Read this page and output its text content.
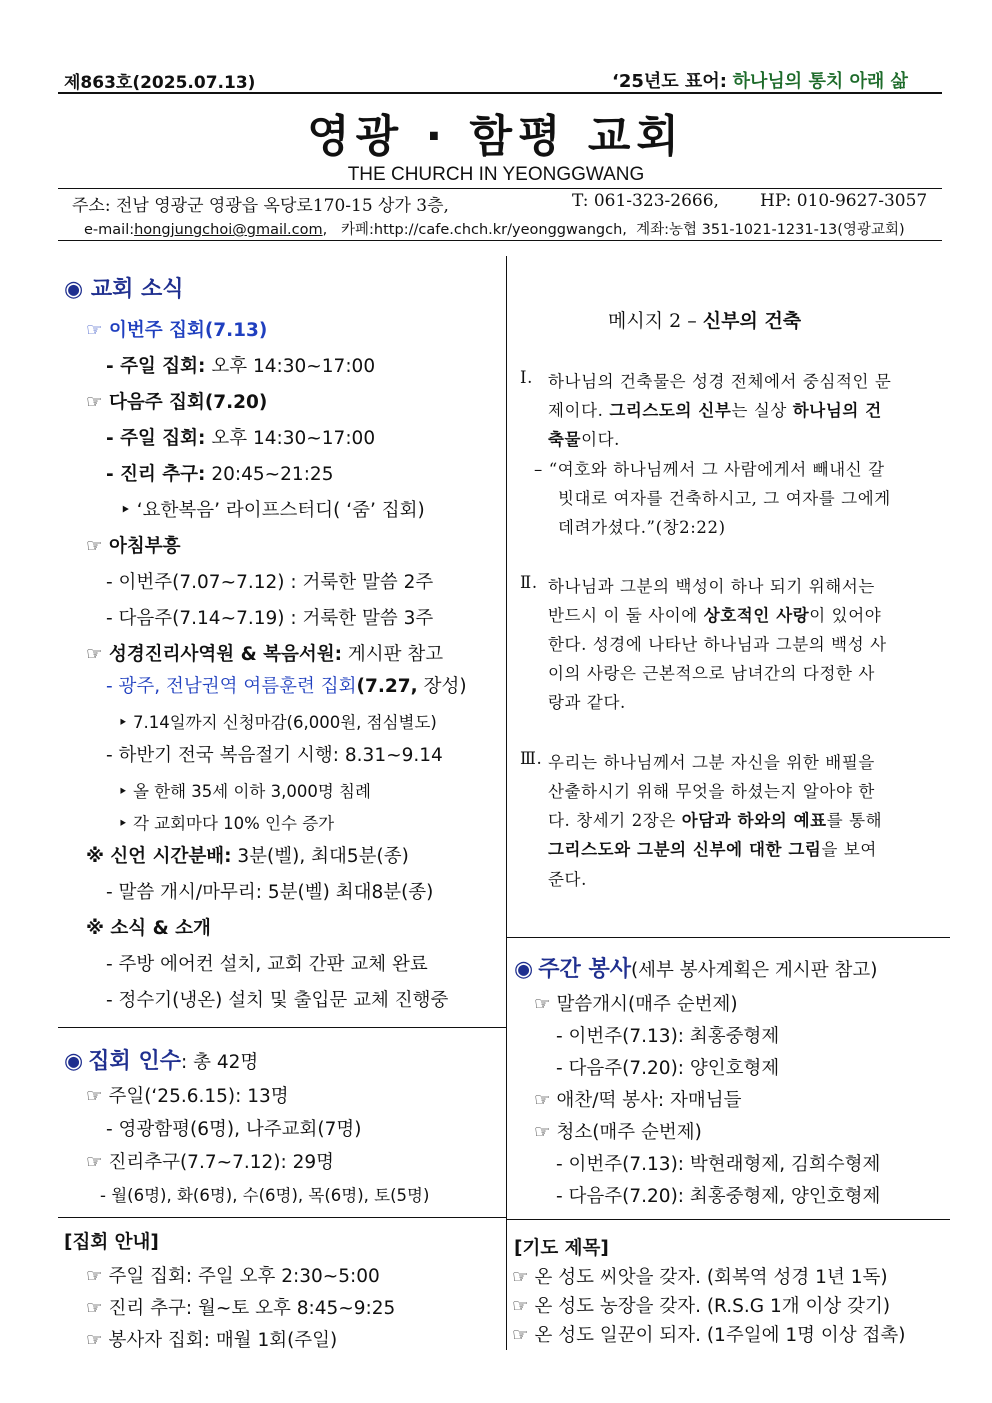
제863호(2025.07.13)	‘25년도 표어: 하나님의 통치 아래 삶
영광 · 함평 교회
THE CHURCH IN YEONGGWANG
주소: 전남 영광군 영광읍 옥당로170-15 상가 3층,	T: 061-323-2666, HP: 010-9627-3057
e-mail:hongjungchoi@gmail.com,   카페:http://cafe.chch.kr/yeonggwangch, 계좌:농협 351-1021-1231-13(영광교회)
◉ 교회 소식
☞ 이번주 집회(7.13)
- 주일 집회: 오후 14:30~17:00
☞ 다음주 집회(7.20)
- 주일 집회: 오후 14:30~17:00
- 진리 추구: 20:45~21:25
‣ ‘요한복음’ 라이프스터디( ‘줌’ 집회)
☞ 아침부흥
- 이번주(7.07~7.12) : 거룩한 말씀 2주
- 다음주(7.14~7.19) : 거룩한 말씀 3주
☞ 성경진리사역원 & 복음서원: 게시판 참고
- 광주, 전남권역 여름훈련 집회(7.27, 장성)
‣ 7.14일까지 신청마감(6,000원, 점심별도)
- 하반기 전국 복음절기 시행: 8.31~9.14
‣ 올 한해 35세 이하 3,000명 침례
‣ 각 교회마다 10% 인수 증가
※ 신언 시간분배: 3분(벨), 최대5분(종)
- 말씀 개시/마무리: 5분(벨) 최대8분(종)
※ 소식 & 소개
- 주방 에어컨 설치, 교회 간판 교체 완료
- 정수기(냉온) 설치 및 출입문 교체 진행중
◉ 집회 인수: 총 42명
☞ 주일(‘25.6.15): 13명
- 영광함평(6명), 나주교회(7명)
☞ 진리추구(7.7~7.12): 29명
- 월(6명), 화(6명), 수(6명), 목(6명), 토(5명)
[집회 안내]
☞ 주일 집회: 주일 오후 2:30~5:00
☞ 진리 추구: 월~토 오후 8:45~9:25
☞ 봉사자 집회: 매월 1회(주일)
메시지 2 – 신부의 건축
Ⅰ. 하나님의 건축물은 성경 전체에서 중심적인 문
제이다. 그리스도의 신부는 실상 하나님의 건
축물이다.
– “여호와 하나님께서 그 사람에게서 빼내신 갈
빗대로 여자를 건축하시고, 그 여자를 그에게
데려가셨다.”(창2:22)
Ⅱ. 하나님과 그분의 백성이 하나 되기 위해서는
반드시 이 둘 사이에 상호적인 사랑이 있어야
한다. 성경에 나타난 하나님과 그분의 백성 사
이의 사랑은 근본적으로 남녀간의 다정한 사
랑과 같다.
Ⅲ. 우리는 하나님께서 그분 자신을 위한 배필을
산출하시기 위해 무엇을 하셨는지 알아야 한
다. 창세기 2장은 아담과 하와의 예표를 통해
그리스도와 그분의 신부에 대한 그림을 보여
준다.
◉ 주간 봉사(세부 봉사계획은 게시판 참고)
☞ 말씀개시(매주 순번제)
- 이번주(7.13): 최홍중형제
- 다음주(7.20): 양인호형제
☞ 애찬/떡 봉사: 자매님들
☞ 청소(매주 순번제)
- 이번주(7.13): 박현래형제, 김희수형제
- 다음주(7.20): 최홍중형제, 양인호형제
[기도 제목]
☞ 온 성도 씨앗을 갖자. (회복역 성경 1년 1독)
☞ 온 성도 농장을 갖자. (R.S.G 1개 이상 갖기)
☞ 온 성도 일꾼이 되자. (1주일에 1명 이상 접촉)
